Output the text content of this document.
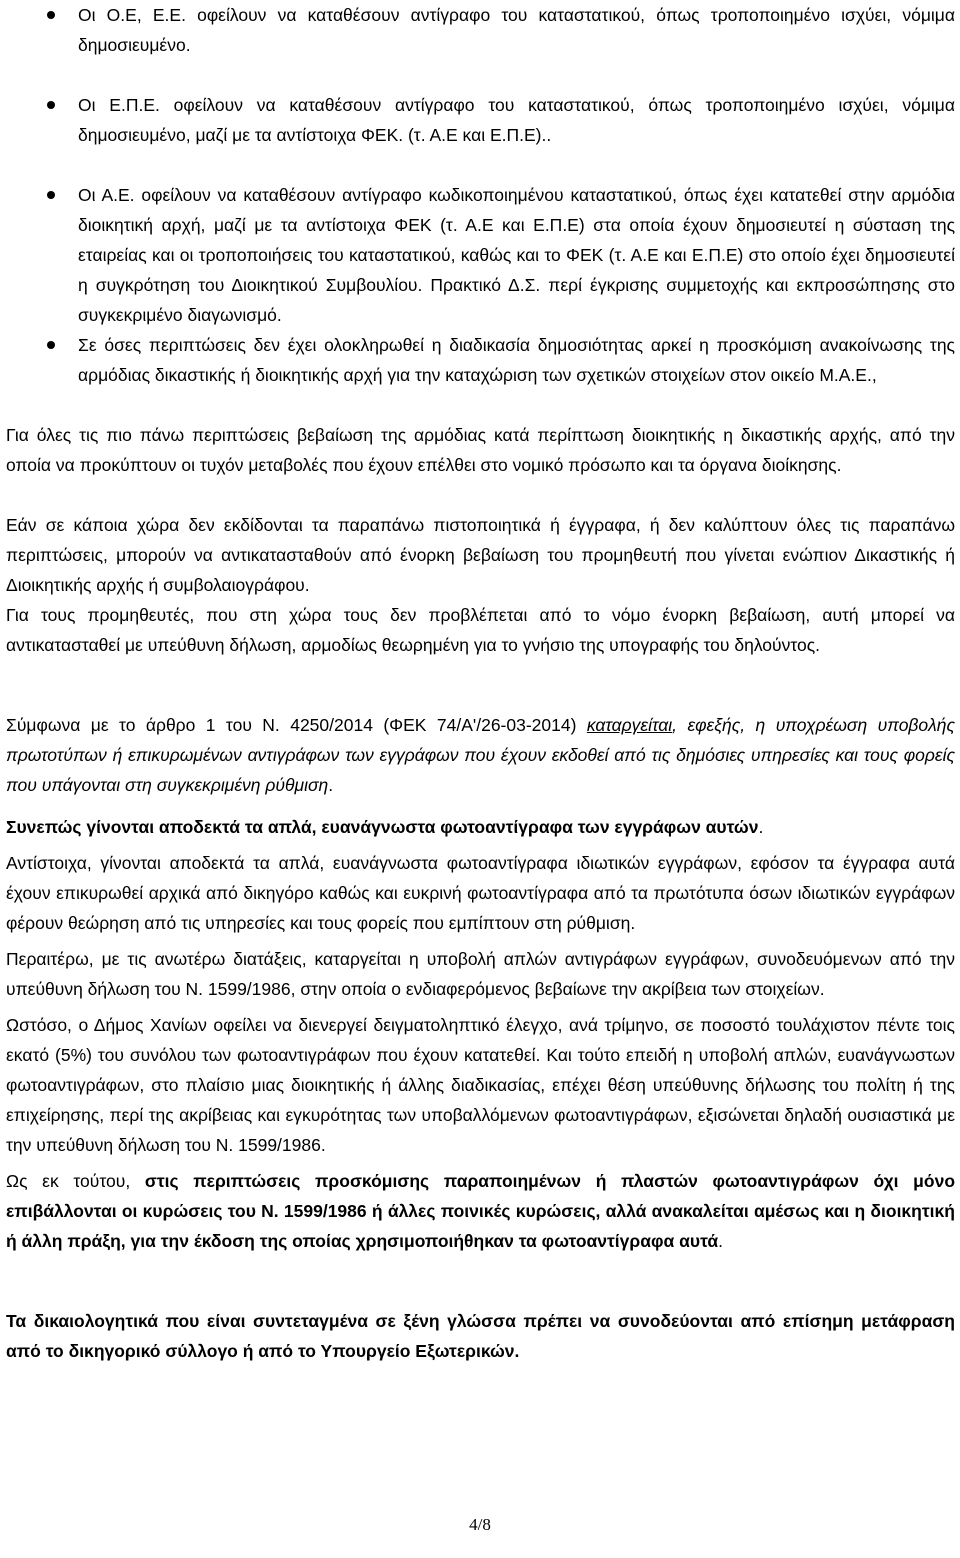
Οι Ο.Ε, Ε.Ε. οφείλουν να καταθέσουν αντίγραφο του καταστατικού, όπως τροποποιημένο ισχύει, νόμιμα δημοσιευμένο.
Οι Ε.Π.Ε. οφείλουν να καταθέσουν αντίγραφο του καταστατικού, όπως τροποποιημένο ισχύει, νόμιμα δημοσιευμένο, μαζί με τα αντίστοιχα ΦΕΚ. (τ. Α.Ε και Ε.Π.Ε)..
Οι Α.Ε. οφείλουν να καταθέσουν αντίγραφο κωδικοποιημένου καταστατικού, όπως έχει κατατεθεί στην αρμόδια διοικητική αρχή, μαζί με τα αντίστοιχα ΦΕΚ (τ. Α.Ε και Ε.Π.Ε) στα οποία έχουν δημοσιευτεί η σύσταση της εταιρείας και οι τροποποιήσεις του καταστατικού, καθώς και το ΦΕΚ (τ. Α.Ε και Ε.Π.Ε) στο οποίο έχει δημοσιευτεί η συγκρότηση του Διοικητικού Συμβουλίου. Πρακτικό Δ.Σ. περί έγκρισης συμμετοχής και εκπροσώπησης στο συγκεκριμένο διαγωνισμό.
Σε όσες περιπτώσεις δεν έχει ολοκληρωθεί η διαδικασία δημοσιότητας αρκεί η προσκόμιση ανακοίνωσης της αρμόδιας δικαστικής ή διοικητικής αρχή για την καταχώριση των σχετικών στοιχείων στον οικείο Μ.Α.Ε.,

Για όλες τις πιο πάνω περιπτώσεις βεβαίωση της αρμόδιας κατά περίπτωση διοικητικής η δικαστικής αρχής, από την οποία να προκύπτουν οι τυχόν μεταβολές που έχουν επέλθει στο νομικό πρόσωπο και τα όργανα διοίκησης.

Εάν σε κάποια χώρα δεν εκδίδονται τα παραπάνω πιστοποιητικά ή έγγραφα, ή δεν καλύπτουν όλες τις παραπάνω περιπτώσεις, μπορούν να αντικατασταθούν από ένορκη βεβαίωση του προμηθευτή που γίνεται ενώπιον Δικαστικής ή Διοικητικής αρχής ή συμβολαιογράφου.

Για τους προμηθευτές, που στη χώρα τους δεν προβλέπεται από το νόμο ένορκη βεβαίωση, αυτή μπορεί να αντικατασταθεί με υπεύθυνη δήλωση, αρμοδίως θεωρημένη για το γνήσιο της υπογραφής του δηλούντος.

Σύμφωνα με το άρθρο 1 του Ν. 4250/2014 (ΦΕΚ 74/Α'/26-03-2014) καταργείται, εφεξής, η υποχρέωση υποβολής πρωτοτύπων ή επικυρωμένων αντιγράφων των εγγράφων που έχουν εκδοθεί από τις δημόσιες υπηρεσίες και τους φορείς που υπάγονται στη συγκεκριμένη ρύθμιση.

Συνεπώς γίνονται αποδεκτά τα απλά, ευανάγνωστα φωτοαντίγραφα των εγγράφων αυτών.

Αντίστοιχα, γίνονται αποδεκτά τα απλά, ευανάγνωστα φωτοαντίγραφα ιδιωτικών εγγράφων, εφόσον τα έγγραφα αυτά έχουν επικυρωθεί αρχικά από δικηγόρο καθώς και ευκρινή φωτοαντίγραφα από τα πρωτότυπα όσων ιδιωτικών εγγράφων φέρουν θεώρηση από τις υπηρεσίες και τους φορείς που εμπίπτουν στη ρύθμιση.

Περαιτέρω, με τις ανωτέρω διατάξεις, καταργείται η υποβολή απλών αντιγράφων εγγράφων, συνοδευόμενων από την υπεύθυνη δήλωση του Ν. 1599/1986, στην οποία ο ενδιαφερόμενος βεβαίωνε την ακρίβεια των στοιχείων.

Ωστόσο, ο Δήμος Χανίων οφείλει να διενεργεί δειγματοληπτικό έλεγχο, ανά τρίμηνο, σε ποσοστό τουλάχιστον πέντε τοις εκατό (5%) του συνόλου των φωτοαντιγράφων που έχουν κατατεθεί. Και τούτο επειδή η υποβολή απλών, ευανάγνωστων φωτοαντιγράφων, στο πλαίσιο μιας διοικητικής ή άλλης διαδικασίας, επέχει θέση υπεύθυνης δήλωσης του πολίτη ή της επιχείρησης, περί της ακρίβειας και εγκυρότητας των υποβαλλόμενων φωτοαντιγράφων, εξισώνεται δηλαδή ουσιαστικά με την υπεύθυνη δήλωση του Ν. 1599/1986.

Ως εκ τούτου, στις περιπτώσεις προσκόμισης παραποιημένων ή πλαστών φωτοαντιγράφων όχι μόνο επιβάλλονται οι κυρώσεις του Ν. 1599/1986 ή άλλες ποινικές κυρώσεις, αλλά ανακαλείται αμέσως και η διοικητική ή άλλη πράξη, για την έκδοση της οποίας χρησιμοποιήθηκαν τα φωτοαντίγραφα αυτά.

Τα δικαιολογητικά που είναι συντεταγμένα σε ξένη γλώσσα πρέπει να συνοδεύονται από επίσημη μετάφραση από το δικηγορικό σύλλογο ή από το Υπουργείο Εξωτερικών.

4/8
